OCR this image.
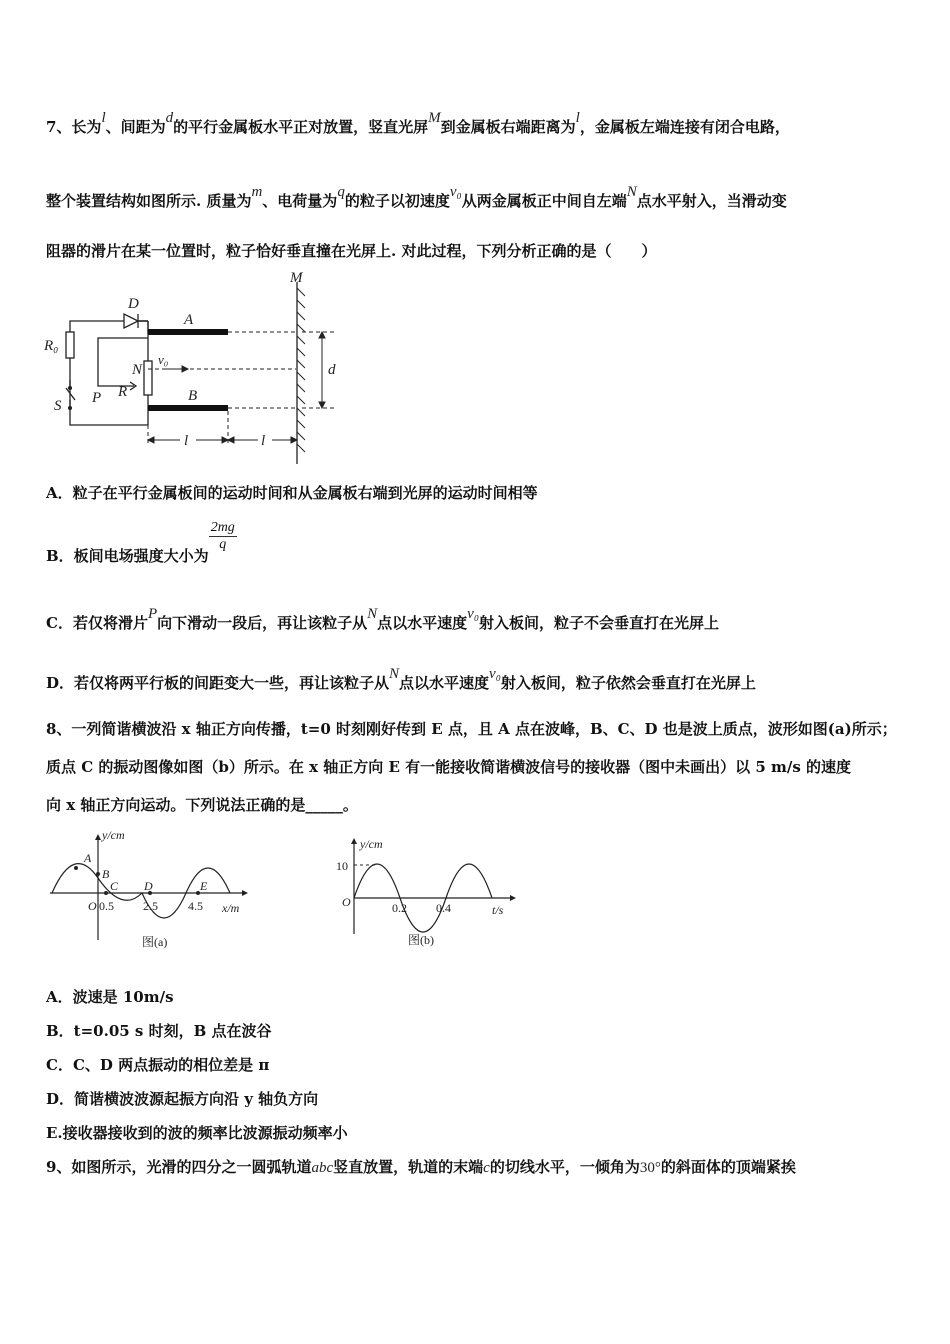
7、长为l、间距为d的平行金属板水平正对放置，竖直光屏M到金属板右端距离为l，金属板左端连接有闭合电路，
整个装置结构如图所示. 质量为m、电荷量为q的粒子以初速度v₀从两金属板正中间自左端N点水平射入，当滑动变
阻器的滑片在某一位置时，粒子恰好垂直撞在光屏上. 对此过程，下列分析正确的是（　　）
M
D
A
B
R₀
v₀
N
P R
S
d
l	l
A．粒子在平行金属板间的运动时间和从金属板右端到光屏的运动时间相等
B．板间电场强度大小为
$\frac{2mg}{q}$
C．若仅将滑片P向下滑动一段后，再让该粒子从N点以水平速度v₀射入板间，粒子不会垂直打在光屏上
D．若仅将两平行板的间距变大一些，再让该粒子从N点以水平速度v₀射入板间，粒子依然会垂直打在光屏上
8、一列简谐横波沿 x 轴正方向传播，t=0 时刻刚好传到 E 点，且 A 点在波峰，B、C、D 也是波上质点，波形如图(a)所示；
质点 C 的振动图像如图（b）所示。在 x 轴正方向 E 有一能接收简谐横波信号的接收器（图中未画出）以 5 m/s 的速度
向 x 轴正方向运动。下列说法正确的是_____。
y/cm
x/m
O 0.5 2.5	4.5
A
B
C D	E
图(a)
y/cm
t/s
O
10
0.2 0.4
图(b)
A．波速是 10m/s
B．t=0.05 s 时刻，B 点在波谷
C．C、D 两点振动的相位差是 π
D．简谐横波波源起振方向沿 y 轴负方向
E.接收器接收到的波的频率比波源振动频率小
9、如图所示，光滑的四分之一圆弧轨道abc竖直放置，轨道的末端c的切线水平，一倾角为30°的斜面体的顶端紧挨
